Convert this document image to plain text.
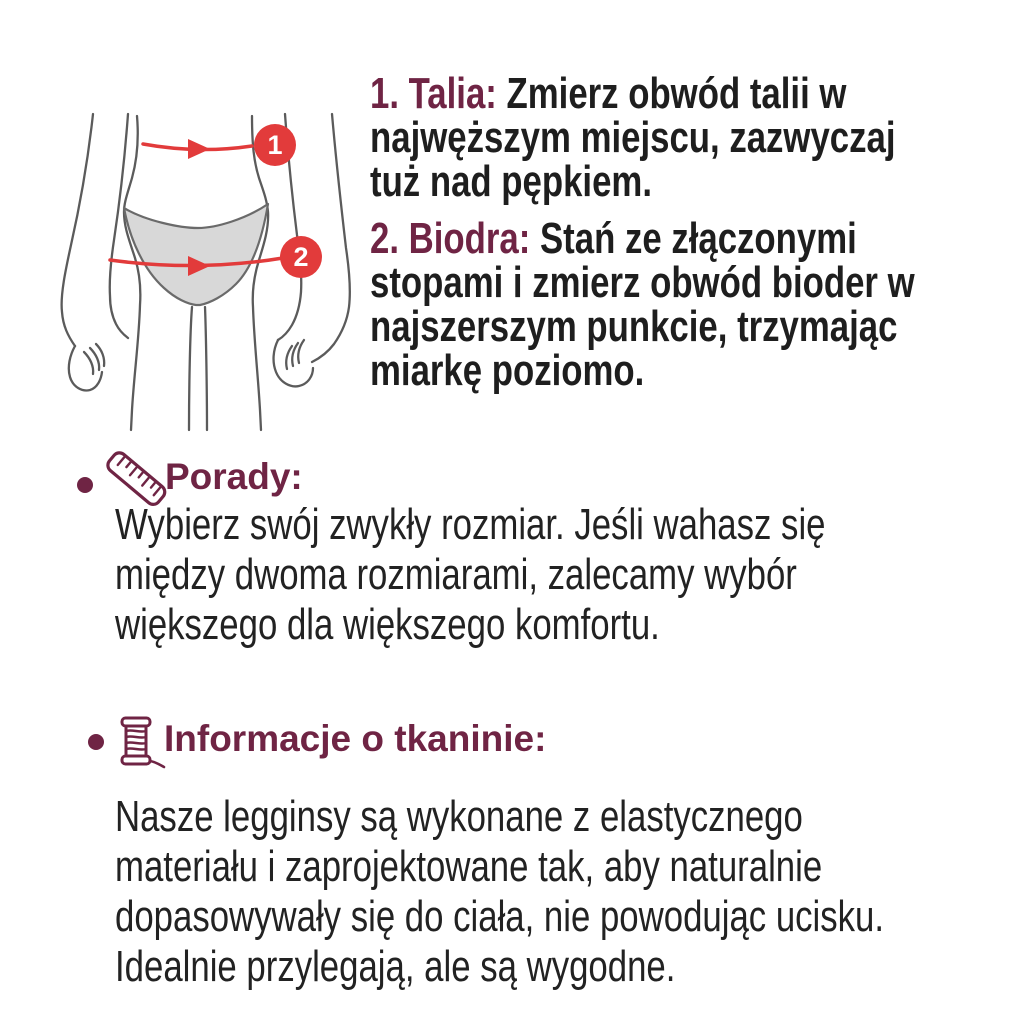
1
2
1. Talia: Zmierz obwód talii w
najwęższym miejscu, zazwyczaj
tuż nad pępkiem.
2. Biodra: Stań ze złączonymi
stopami i zmierz obwód bioder w
najszerszym punkcie, trzymając
miarkę poziomo.
Porady:
Wybierz swój zwykły rozmiar. Jeśli wahasz się
między dwoma rozmiarami, zalecamy wybór
większego dla większego komfortu.
Informacje o tkaninie:
Nasze legginsy są wykonane z elastycznego
materiału i zaprojektowane tak, aby naturalnie
dopasowywały się do ciała, nie powodując ucisku.
Idealnie przylegają, ale są wygodne.
